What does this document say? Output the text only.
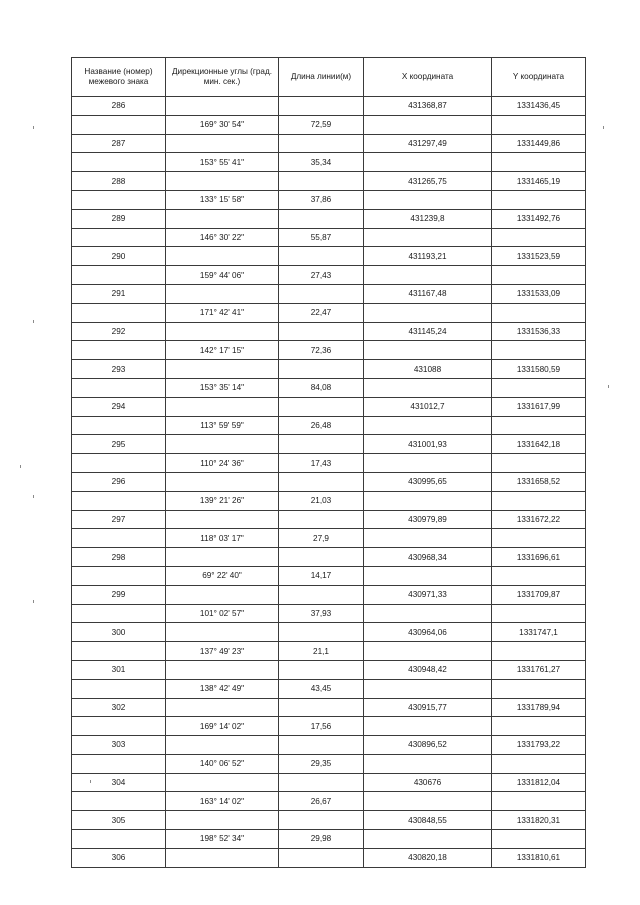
Название (номер) межевого знака	Дирекционные углы (град. мин. сек.)	Длина линии(м)	X координата	Y координата

286			431368,87	1331436,45
	169° 30' 54"	72,59		
287			431297,49	1331449,86
	153° 55' 41"	35,34		
288			431265,75	1331465,19
	133° 15' 58"	37,86		
289			431239,8	1331492,76
	146° 30' 22"	55,87		
290			431193,21	1331523,59
	159° 44' 06"	27,43		
291			431167,48	1331533,09
	171° 42' 41"	22,47		
292			431145,24	1331536,33
	142° 17' 15"	72,36		
293			431088	1331580,59
	153° 35' 14"	84,08		
294			431012,7	1331617,99
	113° 59' 59"	26,48		
295			431001,93	1331642,18
	110° 24' 36"	17,43		
296			430995,65	1331658,52
	139° 21' 26"	21,03		
297			430979,89	1331672,22
	118° 03' 17"	27,9		
298			430968,34	1331696,61
	69° 22' 40"	14,17		
299			430971,33	1331709,87
	101° 02' 57"	37,93		
300			430964,06	1331747,1
	137° 49' 23"	21,1		
301			430948,42	1331761,27
	138° 42' 49"	43,45		
302			430915,77	1331789,94
	169° 14' 02"	17,56		
303			430896,52	1331793,22
	140° 06' 52"	29,35		
304			430676	1331812,04
	163° 14' 02"	26,67		
305			430848,55	1331820,31
	198° 52' 34"	29,98		
306			430820,18	1331810,61
